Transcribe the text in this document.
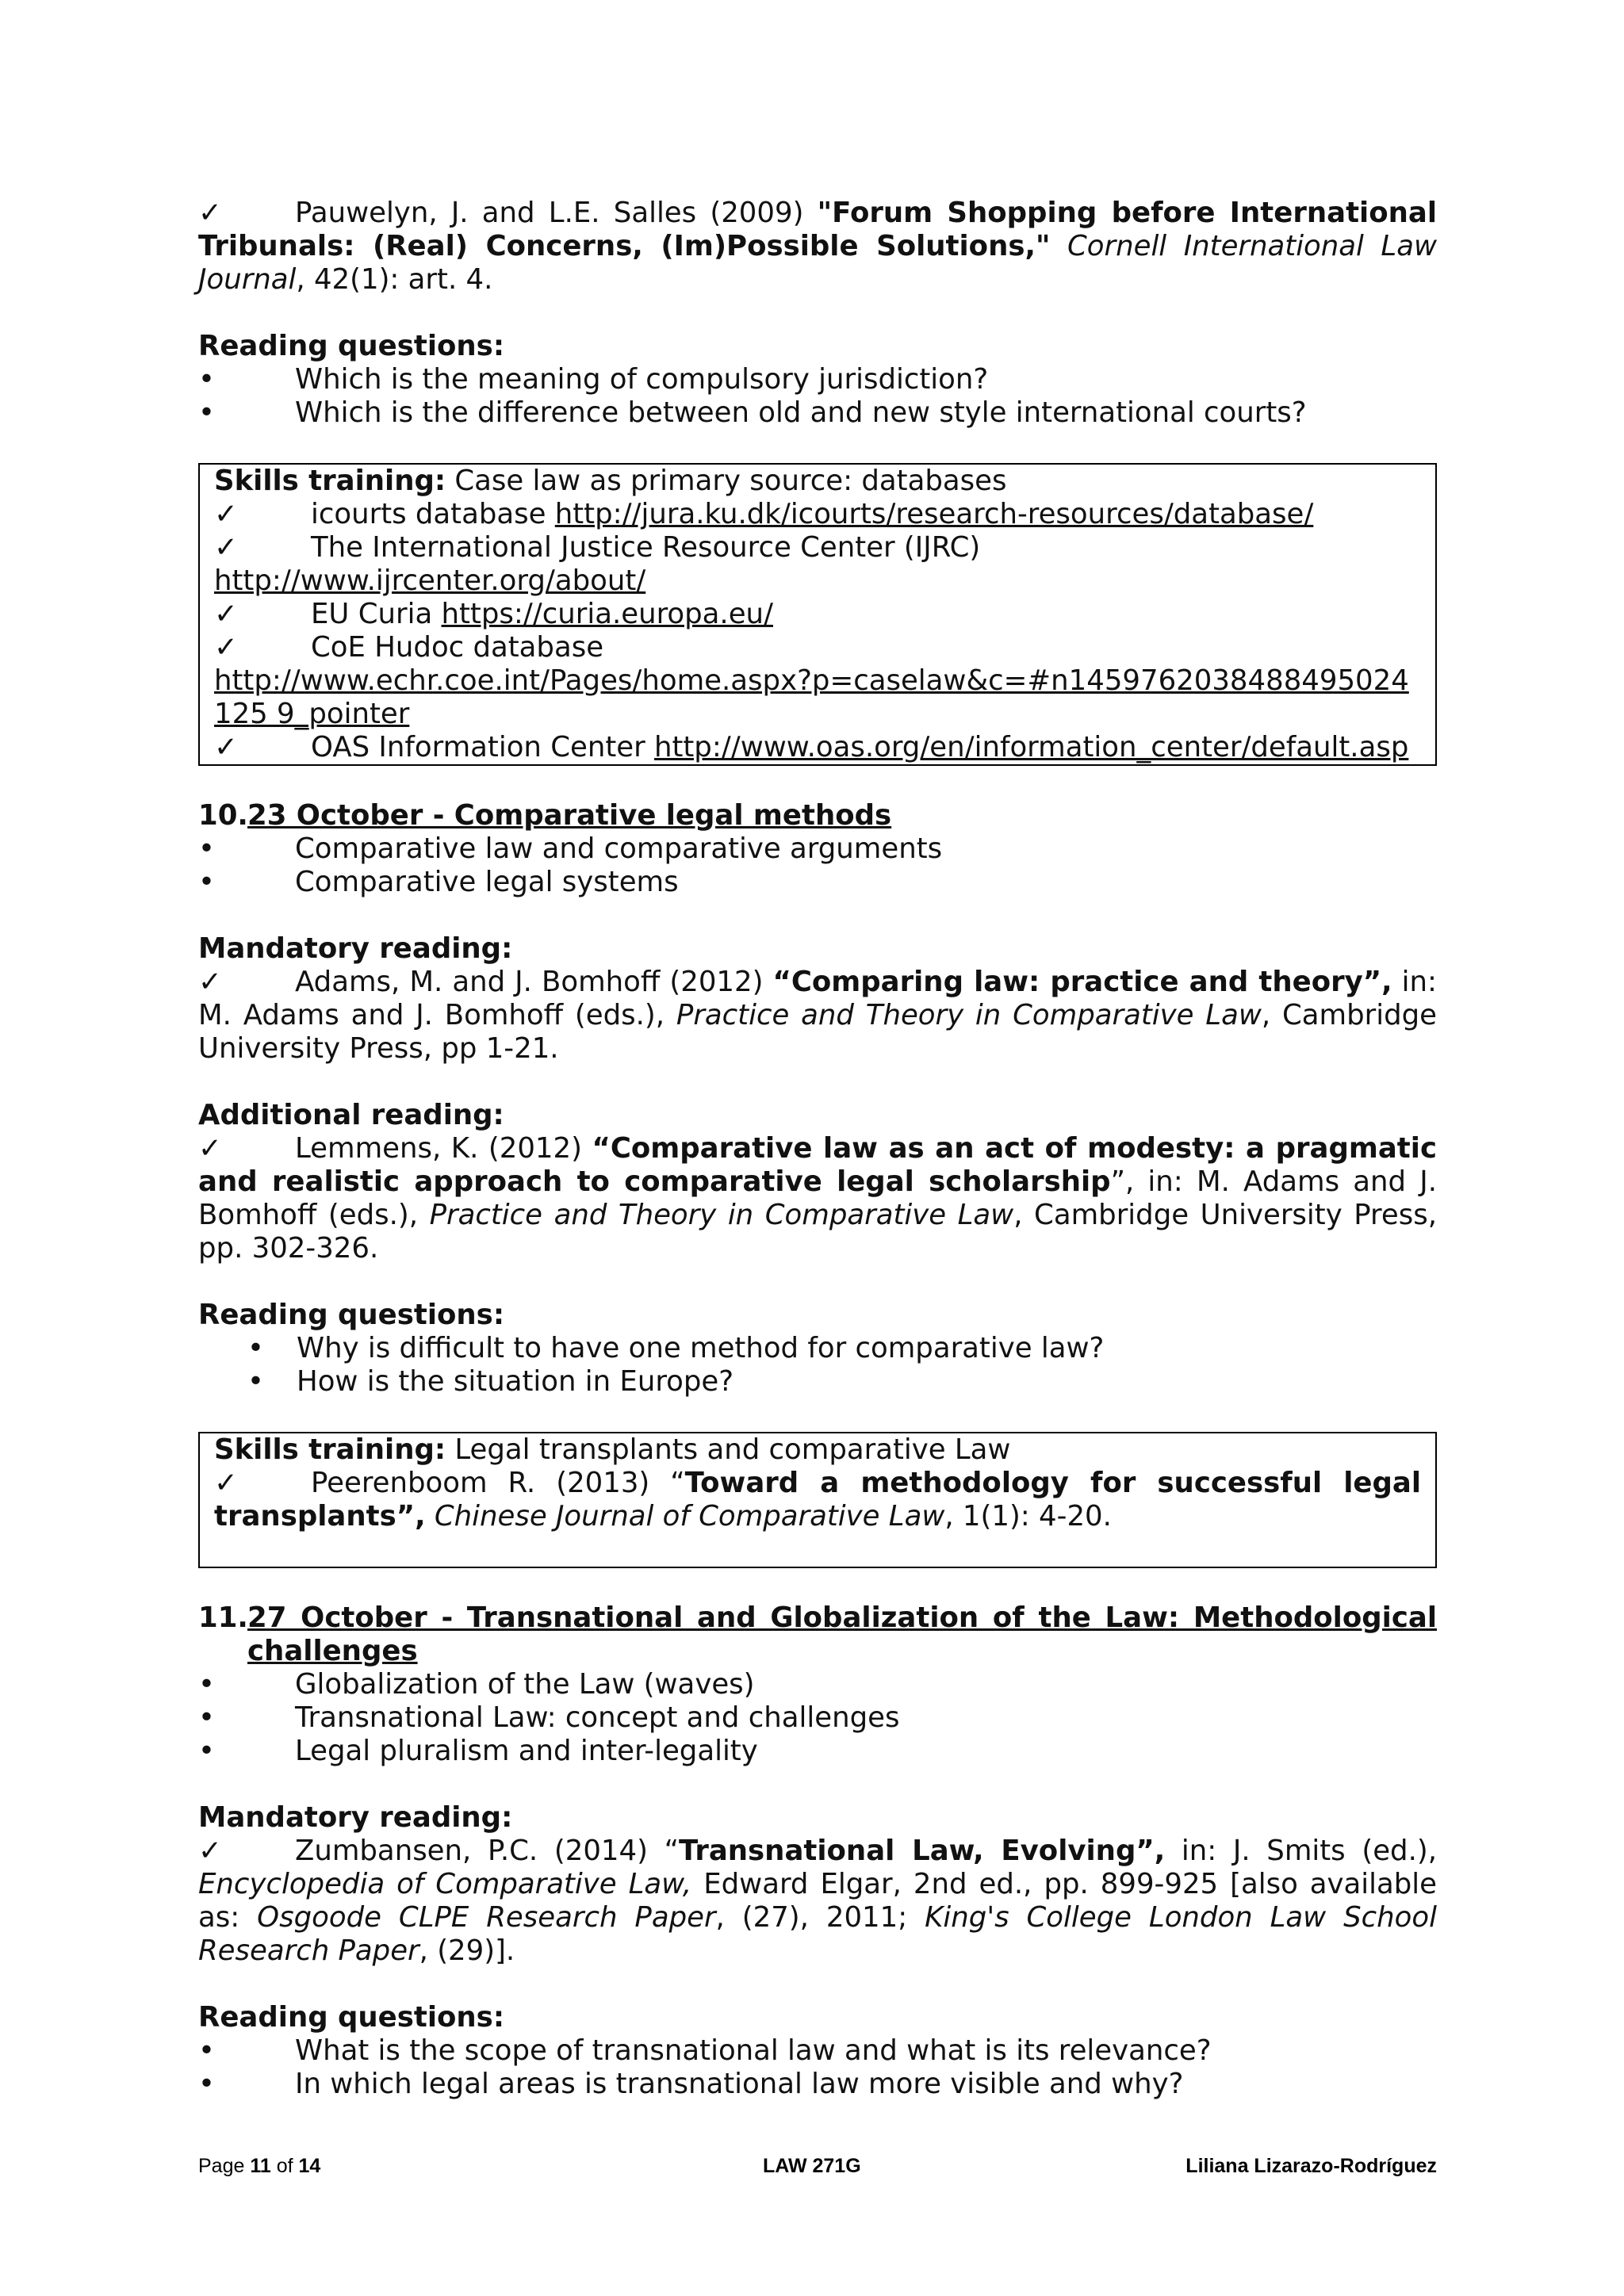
✓	Pauwelyn, J. and L.E. Salles (2009) "Forum Shopping before International Tribunals: (Real) Concerns, (Im)Possible Solutions," Cornell International Law Journal, 42(1): art. 4.

Reading questions:

•	Which is the meaning of compulsory jurisdiction?
•	Which is the difference between old and new style international courts?

Skills training: Case law as primary source: databases

✓	icourts database http://jura.ku.dk/icourts/research-resources/database/
✓	The International Justice Resource Center (IJRC)

http://www.ijrcenter.org/about/

✓	EU Curia https://curia.europa.eu/
✓	CoE Hudoc database

http://www.echr.coe.int/Pages/home.aspx?p=caselaw&c=#n1459762038488495024125 9_pointer

✓	OAS Information Center http://www.oas.org/en/information_center/default.asp
10. 23 October - Comparative legal methods
•	Comparative law and comparative arguments
•	Comparative legal systems

Mandatory reading:

✓	Adams, M. and J. Bomhoff (2012) “Comparing law: practice and theory”, in: M. Adams and J. Bomhoff (eds.), Practice and Theory in Comparative Law, Cambridge University Press, pp 1-21.

Additional reading:

✓	Lemmens, K. (2012) “Comparative law as an act of modesty: a pragmatic and realistic approach to comparative legal scholarship”, in: M. Adams and J. Bomhoff (eds.), Practice and Theory in Comparative Law, Cambridge University Press, pp. 302-326.

Reading questions:

• Why is difficult to have one method for comparative law?
• How is the situation in Europe?

Skills training: Legal transplants and comparative Law

✓	Peerenboom R. (2013) “Toward a methodology for successful legal transplants”, Chinese Journal of Comparative Law, 1(1): 4-20.

11. 27 October - Transnational and Globalization of the Law: Methodological challenges
•	Globalization of the Law (waves)
•	Transnational Law: concept and challenges
•	Legal pluralism and inter-legality

Mandatory reading:

✓	Zumbansen, P.C. (2014) “Transnational Law, Evolving”, in: J. Smits (ed.), Encyclopedia of Comparative Law, Edward Elgar, 2nd ed., pp. 899-925 [also available as: Osgoode CLPE Research Paper, (27), 2011; King's College London Law School Research Paper, (29)].

Reading questions:

•	What is the scope of transnational law and what is its relevance?
•	In which legal areas is transnational law more visible and why?
Page 11 of 14	LAW 271G	Liliana Lizarazo-Rodríguez
